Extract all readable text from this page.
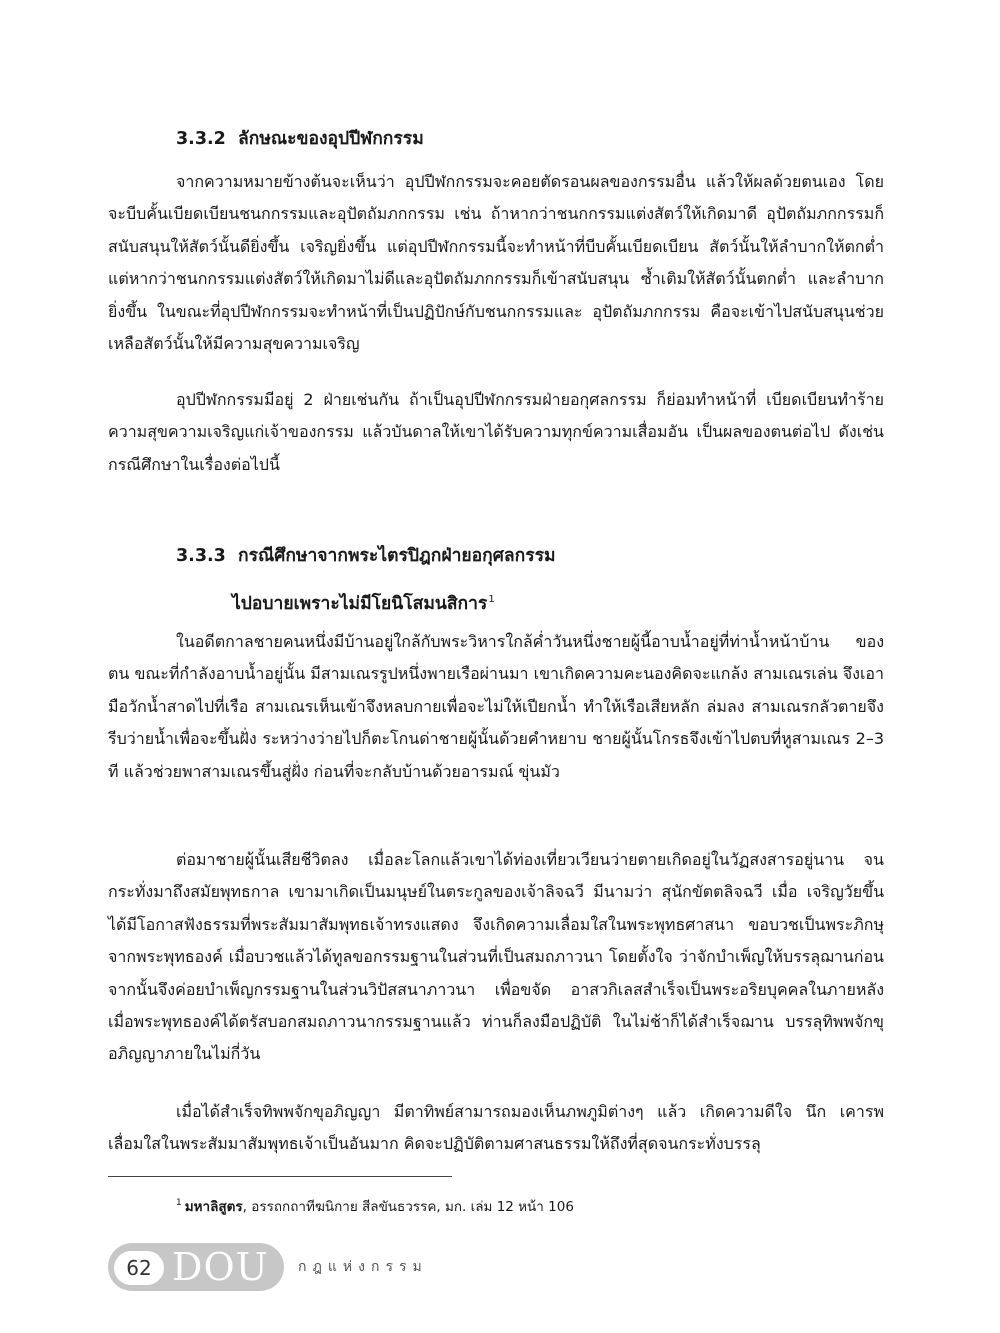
3.3.2 ลักษณะของอุปปีฬกกรรม

จากความหมายข้างต้นจะเห็นว่า อุปปีฬกกรรมจะคอยตัดรอนผลของกรรมอื่น แล้วให้ผลด้วยตนเอง โดยจะบีบคั้นเบียดเบียนชนกกรรมและอุปัตถัมภกกรรม เช่น ถ้าหากว่าชนกกรรมแต่งสัตว์ให้เกิดมาดี อุปัตถัมภกกรรมก็สนับสนุนให้สัตว์นั้นดียิ่งขึ้น เจริญยิ่งขึ้น แต่อุปปีฬกกรรมนี้จะทำหน้าที่บีบคั้นเบียดเบียน สัตว์นั้นให้ลำบากให้ตกต่ำ แต่หากว่าชนกกรรมแต่งสัตว์ให้เกิดมาไม่ดีและอุปัตถัมภกกรรมก็เข้าสนับสนุน ซ้ำเติมให้สัตว์นั้นตกต่ำ และลำบากยิ่งขึ้น ในขณะที่อุปปีฬกกรรมจะทำหน้าที่เป็นปฏิปักษ์กับชนกกรรมและ อุปัตถัมภกกรรม คือจะเข้าไปสนับสนุนช่วยเหลือสัตว์นั้นให้มีความสุขความเจริญ

อุปปีฬกกรรมมีอยู่ 2 ฝ่ายเช่นกัน ถ้าเป็นอุปปีฬกกรรมฝ่ายอกุศลกรรม ก็ย่อมทำหน้าที่ เบียดเบียนทำร้ายความสุขความเจริญแก่เจ้าของกรรม แล้วบันดาลให้เขาได้รับความทุกข์ความเสื่อมอัน เป็นผลของตนต่อไป ดังเช่นกรณีศึกษาในเรื่องต่อไปนี้

3.3.3 กรณีศึกษาจากพระไตรปิฎกฝ่ายอกุศลกรรม
ไปอบายเพราะไม่มีโยนิโสมนสิการ$^1$

ในอดีตกาลชายคนหนึ่งมีบ้านอยู่ใกล้กับพระวิหารใกล้ค่ำวันหนึ่งชายผู้นี้อาบน้ำอยู่ที่ท่าน้ำหน้าบ้าน ของตน ขณะที่กำลังอาบน้ำอยู่นั้น มีสามเณรรูปหนึ่งพายเรือผ่านมา เขาเกิดความคะนองคิดจะแกล้ง สามเณรเล่น จึงเอามือวักน้ำสาดไปที่เรือ สามเณรเห็นเข้าจึงหลบกายเพื่อจะไม่ให้เปียกน้ำ ทำให้เรือเสียหลัก ล่มลง สามเณรกลัวตายจึงรีบว่ายน้ำเพื่อจะขึ้นฝั่ง ระหว่างว่ายไปก็ตะโกนด่าชายผู้นั้นด้วยคำหยาบ ชายผู้นั้นโกรธจึงเข้าไปตบที่หูสามเณร 2–3 ที แล้วช่วยพาสามเณรขึ้นสู่ฝั่ง ก่อนที่จะกลับบ้านด้วยอารมณ์ ขุ่นมัว

ต่อมาชายผู้นั้นเสียชีวิตลง เมื่อละโลกแล้วเขาได้ท่องเที่ยวเวียนว่ายตายเกิดอยู่ในวัฏสงสารอยู่นาน จนกระทั่งมาถึงสมัยพุทธกาล เขามาเกิดเป็นมนุษย์ในตระกูลของเจ้าลิจฉวี มีนามว่า สุนักขัตตลิจฉวี เมื่อ เจริญวัยขึ้น ได้มีโอกาสฟังธรรมที่พระสัมมาสัมพุทธเจ้าทรงแสดง จึงเกิดความเลื่อมใสในพระพุทธศาสนา ขอบวชเป็นพระภิกษุจากพระพุทธองค์ เมื่อบวชแล้วได้ทูลขอกรรมฐานในส่วนที่เป็นสมถภาวนา โดยตั้งใจ ว่าจักบำเพ็ญให้บรรลุฌานก่อน จากนั้นจึงค่อยบำเพ็ญกรรมฐานในส่วนวิปัสสนาภาวนา เพื่อขจัด อาสวกิเลสสำเร็จเป็นพระอริยบุคคลในภายหลัง เมื่อพระพุทธองค์ได้ตรัสบอกสมถภาวนากรรมฐานแล้ว ท่านก็ลงมือปฏิบัติ ในไม่ช้าก็ได้สำเร็จฌาน บรรลุทิพพจักขุอภิญญาภายในไม่กี่วัน

เมื่อได้สำเร็จทิพพจักขุอภิญญา มีตาทิพย์สามารถมองเห็นภพภูมิต่างๆ แล้ว เกิดความดีใจ นึก เคารพเลื่อมใสในพระสัมมาสัมพุทธเจ้าเป็นอันมาก คิดจะปฏิบัติตามศาสนธรรมให้ถึงที่สุดจนกระทั่งบรรลุ

$^1$ มหาลิสูตร, อรรถกถาทีฆนิกาย สีลขันธวรรค, มก. เล่ม 12 หน้า 106
62 DOU กฎแห่งกรรม
